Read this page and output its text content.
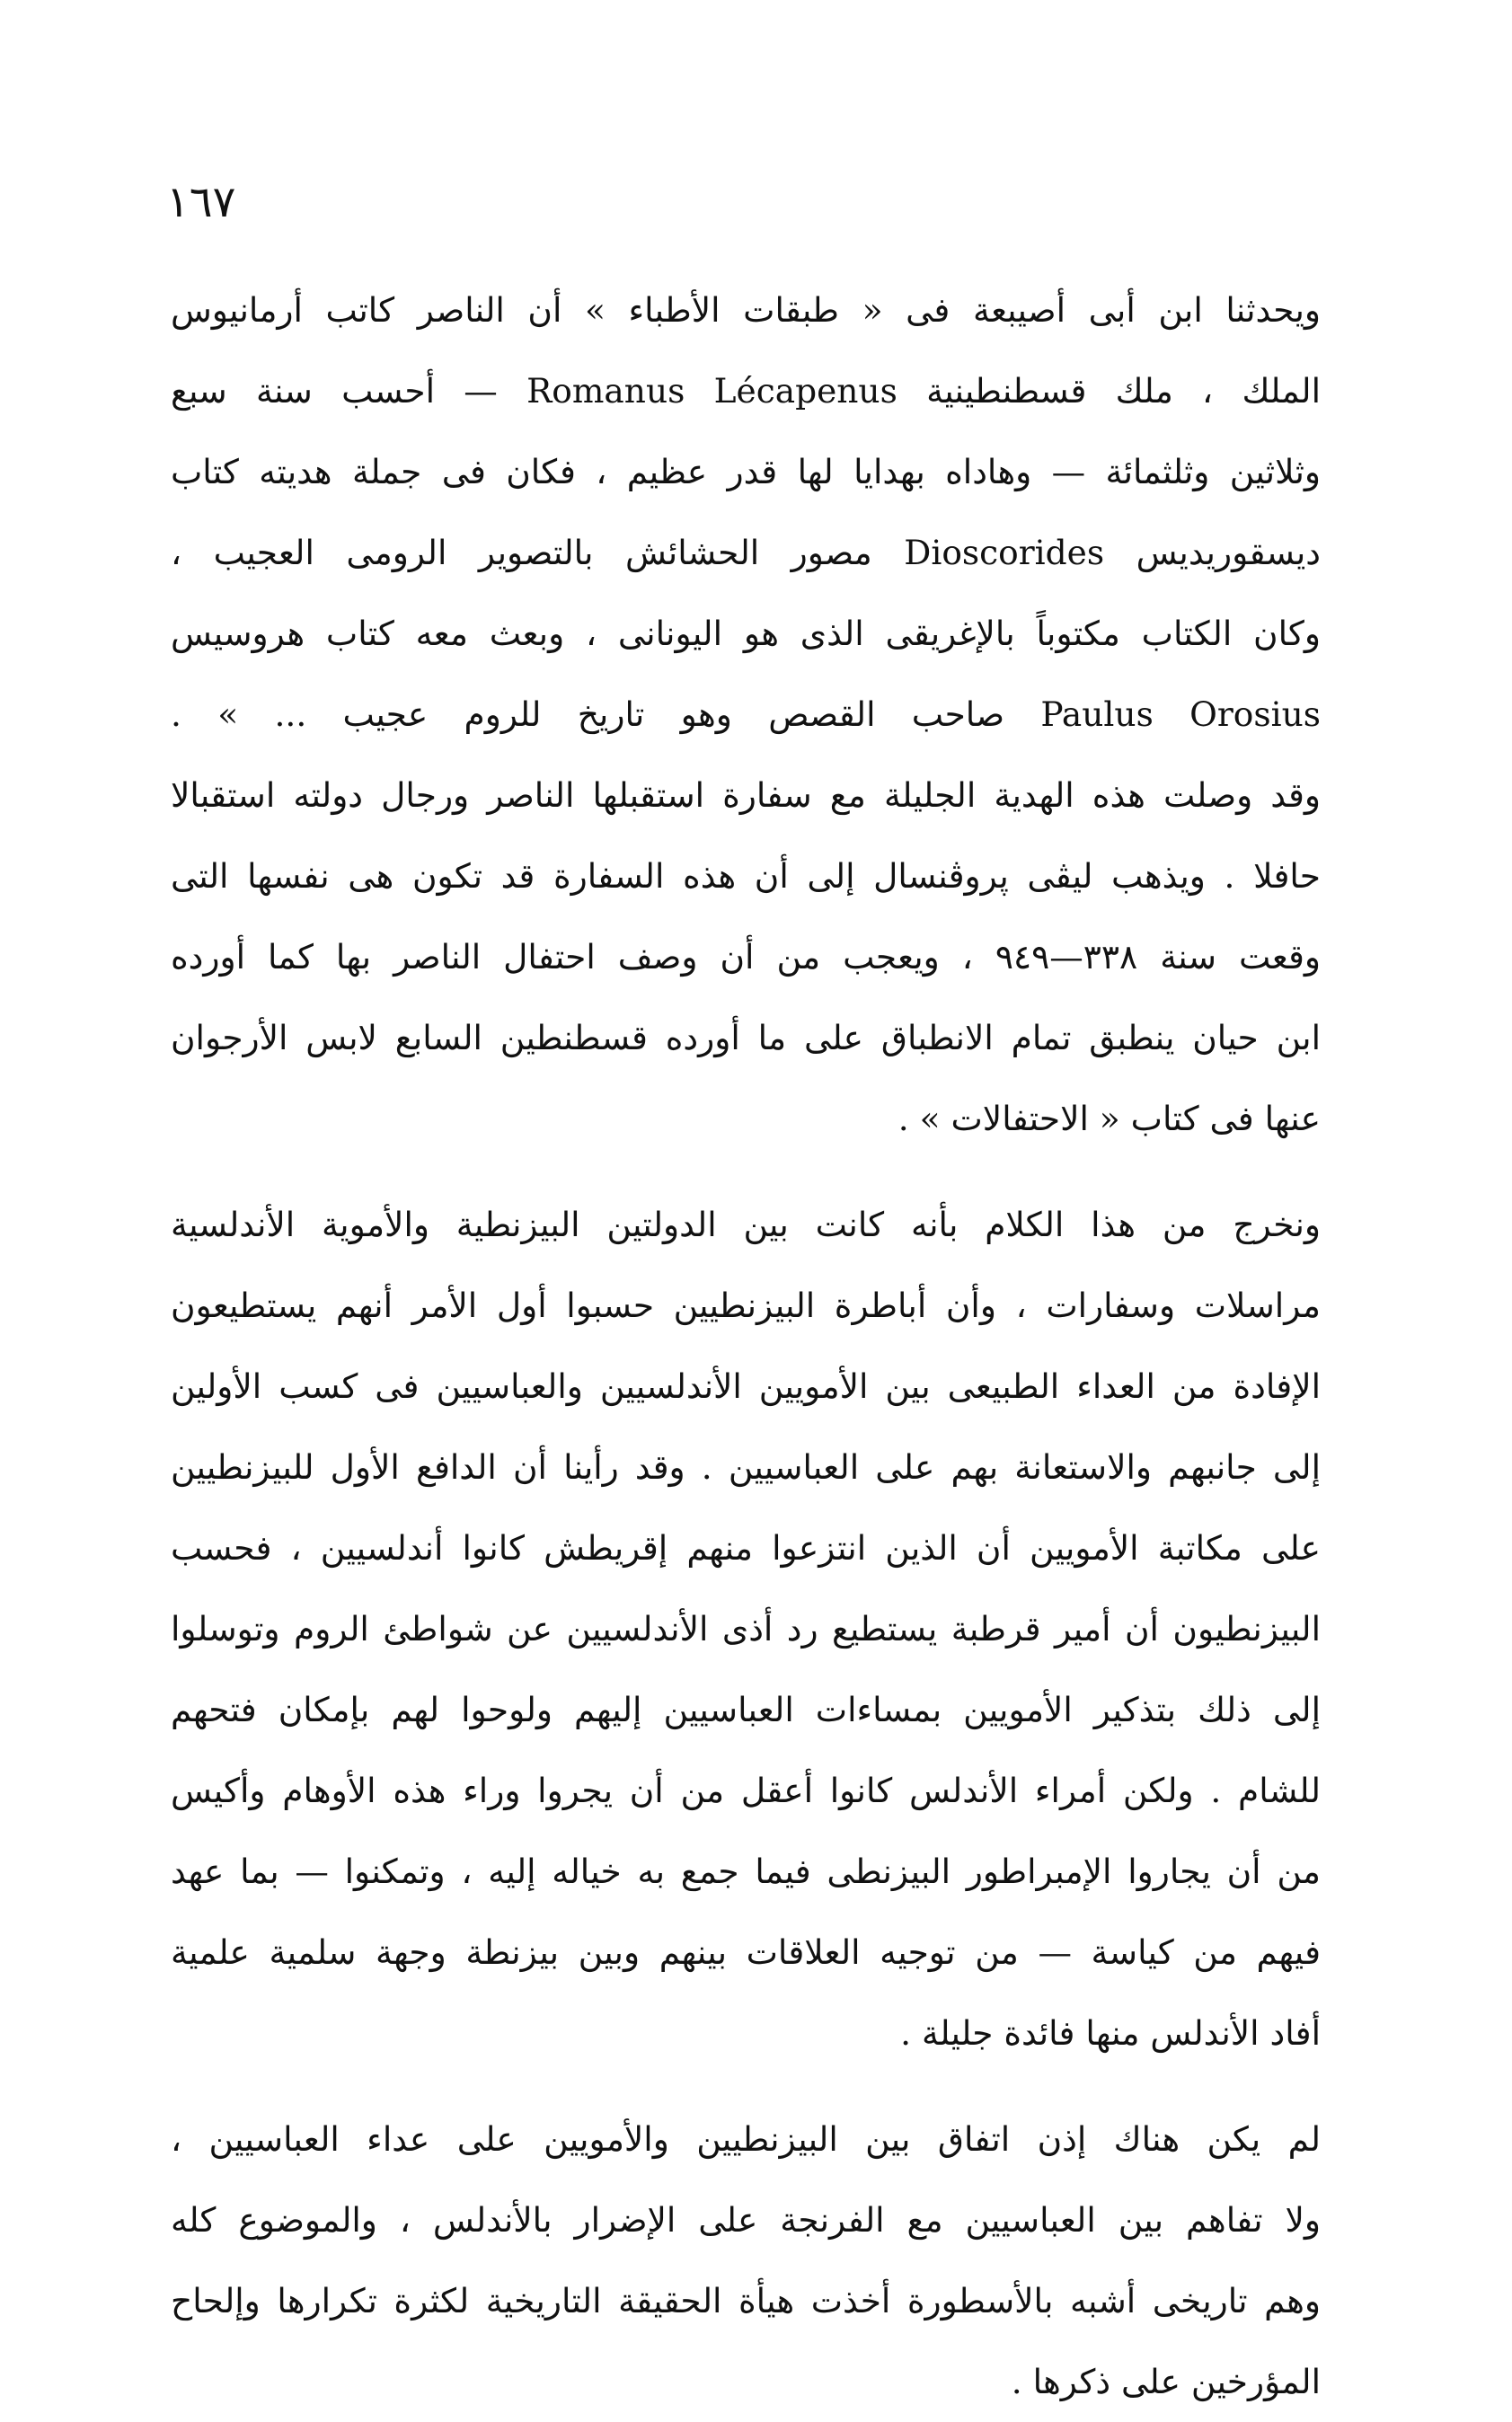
١٦٧
ويحدثنا ابن أبى أصيبعة فى « طبقات الأطباء » أن الناصر كاتب أرمانيوس
الملك ، ملك قسطنطينية Romanus Lécapenus — أحسب سنة سبع
وثلاثين وثلثمائة — وهاداه بهدايا لها قدر عظيم ، فكان فى جملة هديته كتاب
ديسقوريديس Dioscorides مصور الحشائش بالتصوير الرومى العجيب ،
وكان الكتاب مكتوباً بالإغريقى الذى هو اليونانى ، وبعث معه كتاب هروسيس
Paulus Orosius صاحب القصص وهو تاريخ للروم عجيب ... » .
وقد وصلت هذه الهدية الجليلة مع سفارة استقبلها الناصر ورجال دولته استقبالا
حافلا . ويذهب ليڤى پروڤنسال إلى أن هذه السفارة قد تكون هى نفسها التى
وقعت سنة ٣٣٨—٩٤٩ ، ويعجب من أن وصف احتفال الناصر بها كما أورده
ابن حيان ينطبق تمام الانطباق على ما أورده قسطنطين السابع لابس الأرجوان
عنها فى كتاب « الاحتفالات » .
ونخرج من هذا الكلام بأنه كانت بين الدولتين البيزنطية والأموية الأندلسية
مراسلات وسفارات ، وأن أباطرة البيزنطيين حسبوا أول الأمر أنهم يستطيعون
الإفادة من العداء الطبيعى بين الأمويين الأندلسيين والعباسيين فى كسب الأولين
إلى جانبهم والاستعانة بهم على العباسيين . وقد رأينا أن الدافع الأول للبيزنطيين
على مكاتبة الأمويين أن الذين انتزعوا منهم إقريطش كانوا أندلسيين ، فحسب
البيزنطيون أن أمير قرطبة يستطيع رد أذى الأندلسيين عن شواطئ الروم وتوسلوا
إلى ذلك بتذكير الأمويين بمساءات العباسيين إليهم ولوحوا لهم بإمكان فتحهم
للشام . ولكن أمراء الأندلس كانوا أعقل من أن يجروا وراء هذه الأوهام وأكيس
من أن يجاروا الإمبراطور البيزنطى فيما جمع به خياله إليه ، وتمكنوا — بما عهد
فيهم من كياسة — من توجيه العلاقات بينهم وبين بيزنطة وجهة سلمية علمية
أفاد الأندلس منها فائدة جليلة .
لم يكن هناك إذن اتفاق بين البيزنطيين والأمويين على عداء العباسيين ،
ولا تفاهم بين العباسيين مع الفرنجة على الإضرار بالأندلس ، والموضوع كله
وهم تاريخى أشبه بالأسطورة أخذت هيأة الحقيقة التاريخية لكثرة تكرارها وإلحاح
المؤرخين على ذكرها .
